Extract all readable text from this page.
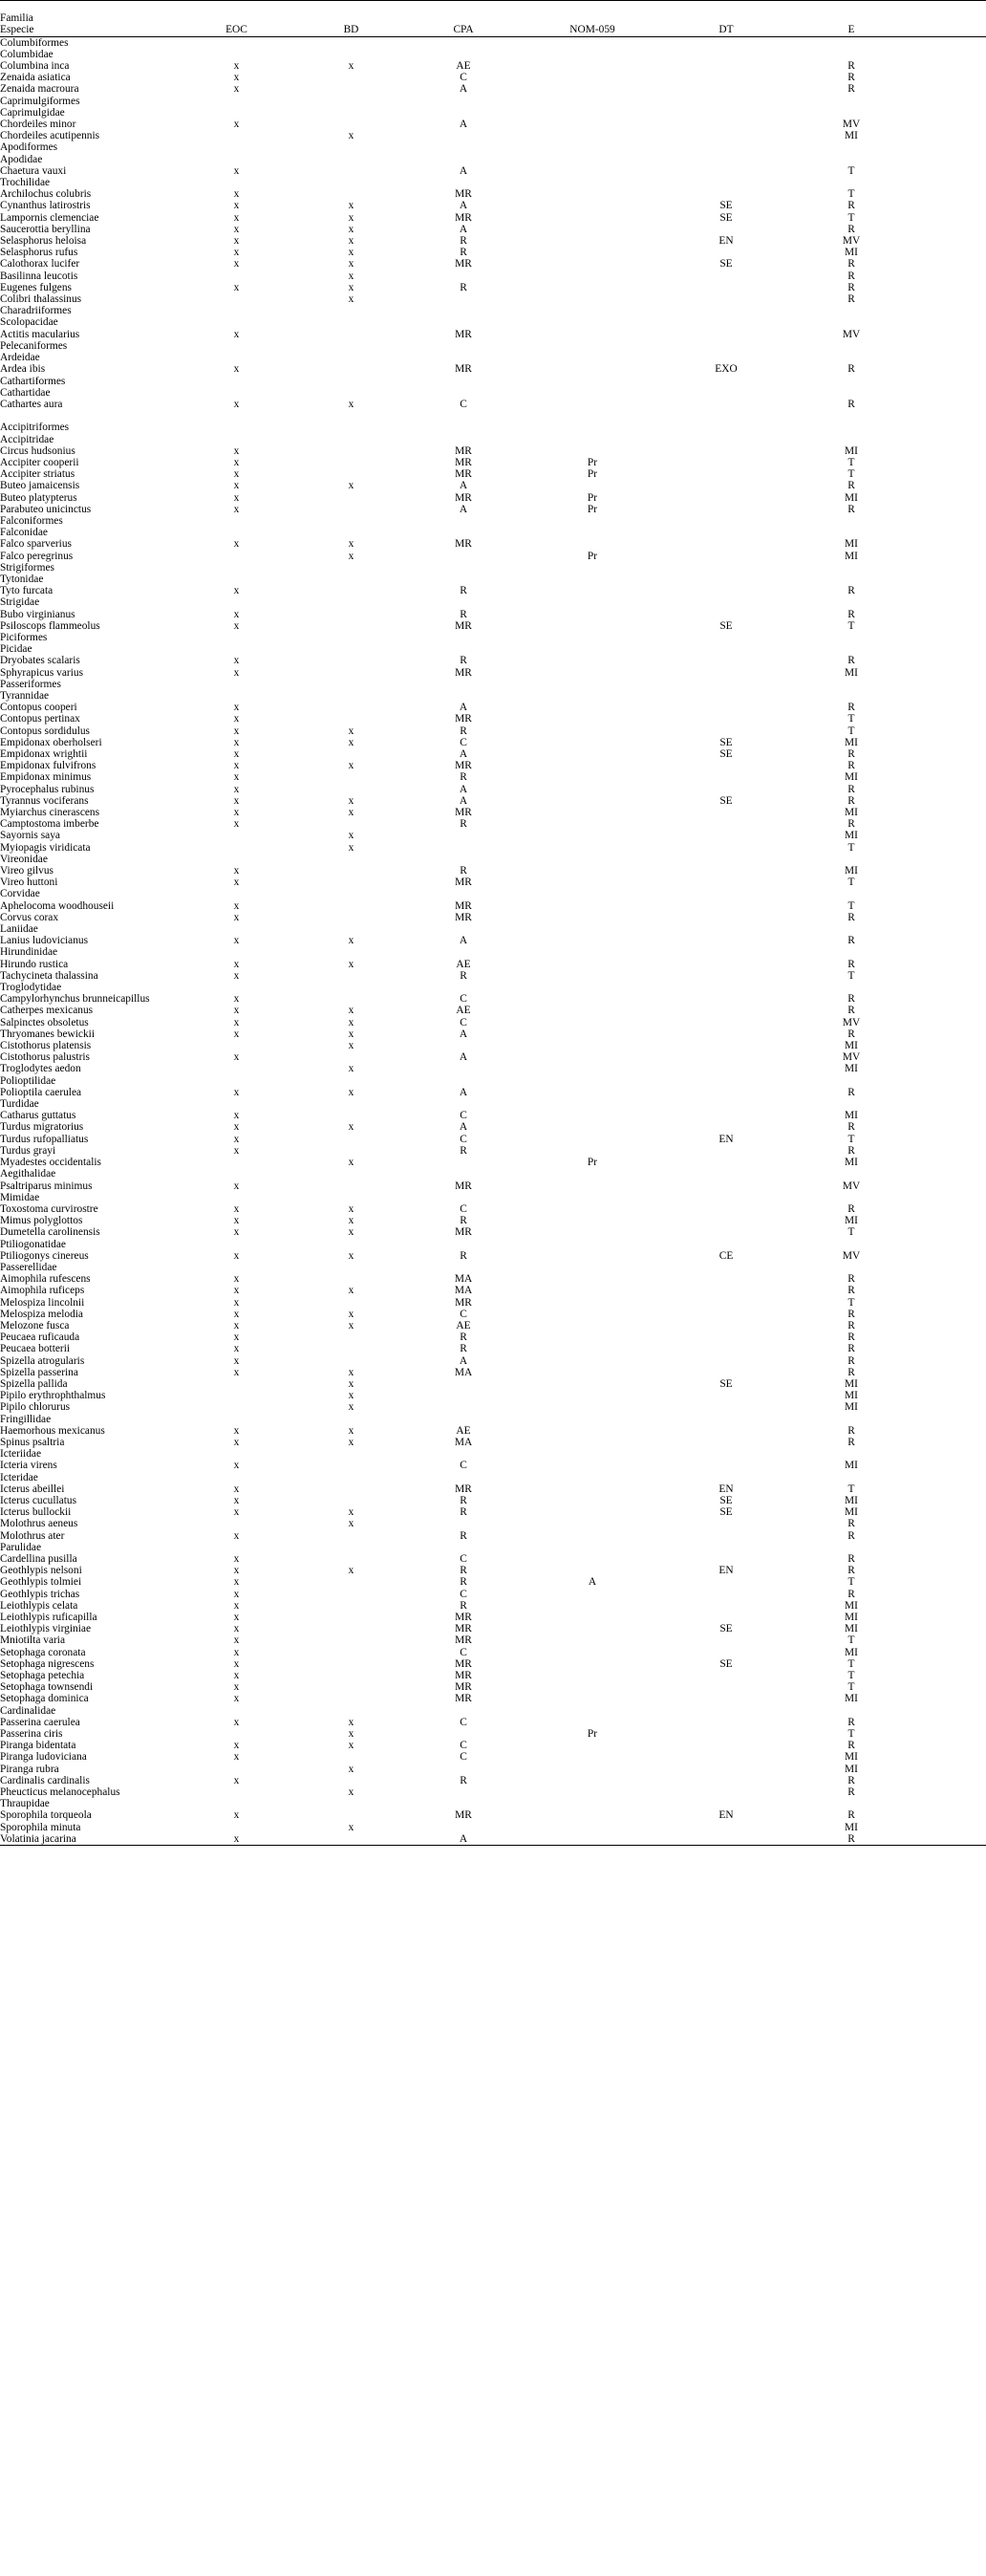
Familia							
Especie	EOC	BD	CPA	NOM-059	DT	E	
Columbiformes							
Columbidae							
Columbina inca	x	x	AE			R	
Zenaida asiatica	x		C			R	
Zenaida macroura	x		A			R	
Caprimulgiformes							
Caprimulgidae							
Chordeiles minor	x		A			MV	
Chordeiles acutipennis		x				MI	
Apodiformes							
Apodidae							
Chaetura vauxi	x		A			T	
Trochilidae							
Archilochus colubris	x		MR			T	
Cynanthus latirostris	x	x	A		SE	R	
Lampornis clemenciae	x	x	MR		SE	T	
Saucerottia beryllina	x	x	A			R	
Selasphorus heloisa	x	x	R		EN	MV	
Selasphorus rufus	x	x	R			MI	
Calothorax lucifer	x	x	MR		SE	R	
Basilinna leucotis		x				R	
Eugenes fulgens	x	x	R			R	
Colibri thalassinus		x				R	
Charadriiformes							
Scolopacidae							
Actitis macularius	x		MR			MV	
Pelecaniformes							
Ardeidae							
Ardea ibis	x		MR		EXO	R	
Cathartiformes							
Cathartidae							
Cathartes aura	x	x	C			R	

Accipitriformes							
Accipitridae							
Circus hudsonius	x		MR			MI	
Accipiter cooperii	x		MR	Pr		T	
Accipiter striatus	x		MR	Pr		T	
Buteo jamaicensis	x	x	A			R	
Buteo platypterus	x		MR	Pr		MI	
Parabuteo unicinctus	x		A	Pr		R	
Falconiformes							
Falconidae							
Falco sparverius	x	x	MR			MI	
Falco peregrinus		x		Pr		MI	
Strigiformes							
Tytonidae							
Tyto furcata	x		R			R	
Strigidae							
Bubo virginianus	x		R			R	
Psiloscops flammeolus	x		MR		SE	T	
Piciformes							
Picidae							
Dryobates scalaris	x		R			R	
Sphyrapicus varius	x		MR			MI	
Passeriformes							
Tyrannidae							
Contopus cooperi	x		A			R	
Contopus pertinax	x		MR			T	
Contopus sordidulus	x	x	R			T	
Empidonax oberholseri	x	x	C		SE	MI	
Empidonax wrightii	x		A		SE	R	
Empidonax fulvifrons	x	x	MR			R	
Empidonax minimus	x		R			MI	
Pyrocephalus rubinus	x		A			R	
Tyrannus vociferans	x	x	A		SE	R	
Myiarchus cinerascens	x	x	MR			MI	
Camptostoma imberbe	x		R			R	
Sayornis saya		x				MI	
Myiopagis viridicata		x				T	
Vireonidae							
Vireo gilvus	x		R			MI	
Vireo huttoni	x		MR			T	
Corvidae							
Aphelocoma woodhouseii	x		MR			T	
Corvus corax	x		MR			R	
Laniidae							
Lanius ludovicianus	x	x	A			R	
Hirundinidae							
Hirundo rustica	x	x	AE			R	
Tachycineta thalassina	x		R			T	
Troglodytidae							
Campylorhynchus brunneicapillus	x		C			R	
Catherpes mexicanus	x	x	AE			R	
Salpinctes obsoletus	x	x	C			MV	
Thryomanes bewickii	x	x	A			R	
Cistothorus platensis		x				MI	
Cistothorus palustris	x		A			MV	
Troglodytes aedon		x				MI	
Polioptilidae							
Polioptila caerulea	x	x	A			R	
Turdidae							
Catharus guttatus	x		C			MI	
Turdus migratorius	x	x	A			R	
Turdus rufopalliatus	x		C		EN	T	
Turdus grayi	x		R			R	
Myadestes occidentalis		x		Pr		MI	
Aegithalidae							
Psaltriparus minimus	x		MR			MV	
Mimidae							
Toxostoma curvirostre	x	x	C			R	
Mimus polyglottos	x	x	R			MI	
Dumetella carolinensis	x	x	MR			T	
Ptiliogonatidae							
Ptiliogonys cinereus	x	x	R		CE	MV	
Passerellidae							
Aimophila rufescens	x		MA			R	
Aimophila ruficeps	x	x	MA			R	
Melospiza lincolnii	x		MR			T	
Melospiza melodia	x	x	C			R	
Melozone fusca	x	x	AE			R	
Peucaea ruficauda	x		R			R	
Peucaea botterii	x		R			R	
Spizella atrogularis	x		A			R	
Spizella passerina	x	x	MA			R	
Spizella pallida		x			SE	MI	
Pipilo erythrophthalmus		x				MI	
Pipilo chlorurus		x				MI	
Fringillidae							
Haemorhous mexicanus	x	x	AE			R	
Spinus psaltria	x	x	MA			R	
Icteriidae							
Icteria virens	x		C			MI	
Icteridae							
Icterus abeillei	x		MR		EN	T	
Icterus cucullatus	x		R		SE	MI	
Icterus bullockii	x	x	R		SE	MI	
Molothrus aeneus		x				R	
Molothrus ater	x		R			R	
Parulidae							
Cardellina pusilla	x		C			R	
Geothlypis nelsoni	x	x	R		EN	R	
Geothlypis tolmiei	x		R	A		T	
Geothlypis trichas	x		C			R	
Leiothlypis celata	x		R			MI	
Leiothlypis ruficapilla	x		MR			MI	
Leiothlypis virginiae	x		MR		SE	MI	
Mniotilta varia	x		MR			T	
Setophaga coronata	x		C			MI	
Setophaga nigrescens	x		MR		SE	T	
Setophaga petechia	x		MR			T	
Setophaga townsendi	x		MR			T	
Setophaga dominica	x		MR			MI	
Cardinalidae							
Passerina caerulea	x	x	C			R	
Passerina ciris		x		Pr		T	
Piranga bidentata	x	x	C			R	
Piranga ludoviciana	x		C			MI	
Piranga rubra		x				MI	
Cardinalis cardinalis	x		R			R	
Pheucticus melanocephalus		x				R	
Thraupidae							
Sporophila torqueola	x		MR		EN	R	
Sporophila minuta		x				MI	
Volatinia jacarina	x		A			R	
